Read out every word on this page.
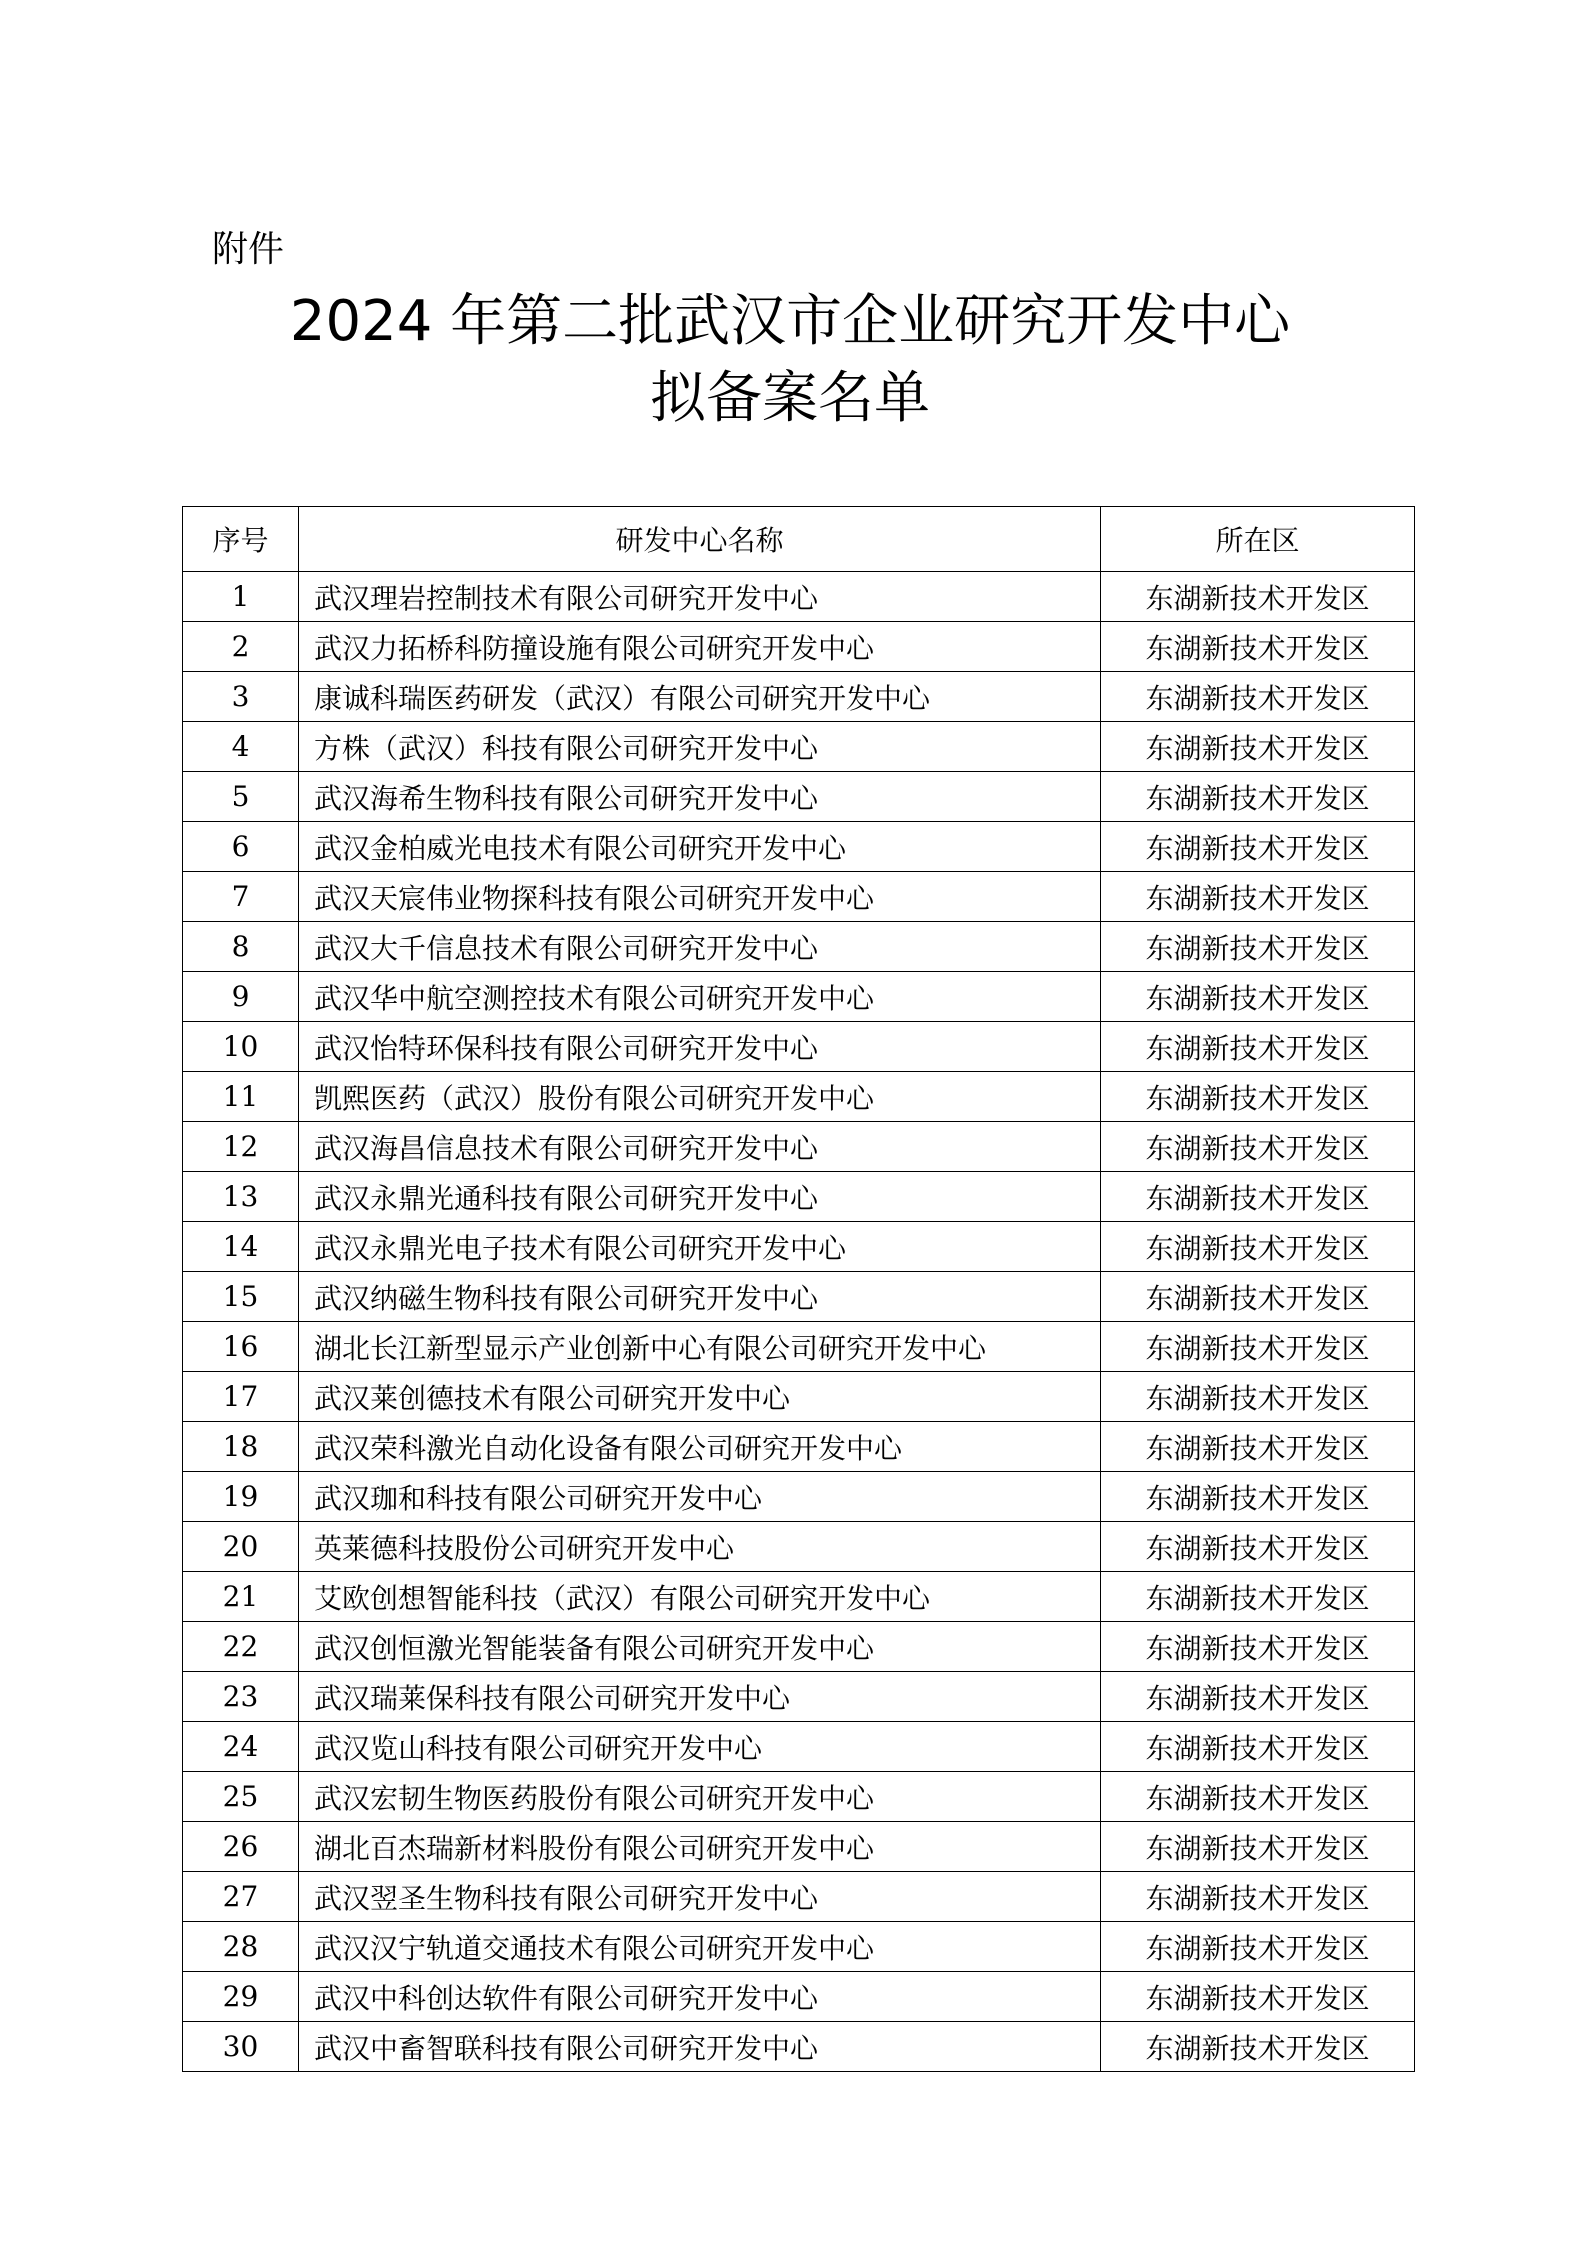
附件
2024 年第二批武汉市企业研究开发中心
拟备案名单
序号	研发中心名称	所在区
1	武汉理岩控制技术有限公司研究开发中心	东湖新技术开发区
2	武汉力拓桥科防撞设施有限公司研究开发中心	东湖新技术开发区
3	康诚科瑞医药研发（武汉）有限公司研究开发中心	东湖新技术开发区
4	方株（武汉）科技有限公司研究开发中心	东湖新技术开发区
5	武汉海希生物科技有限公司研究开发中心	东湖新技术开发区
6	武汉金柏威光电技术有限公司研究开发中心	东湖新技术开发区
7	武汉天宸伟业物探科技有限公司研究开发中心	东湖新技术开发区
8	武汉大千信息技术有限公司研究开发中心	东湖新技术开发区
9	武汉华中航空测控技术有限公司研究开发中心	东湖新技术开发区
10	武汉怡特环保科技有限公司研究开发中心	东湖新技术开发区
11	凯熙医药（武汉）股份有限公司研究开发中心	东湖新技术开发区
12	武汉海昌信息技术有限公司研究开发中心	东湖新技术开发区
13	武汉永鼎光通科技有限公司研究开发中心	东湖新技术开发区
14	武汉永鼎光电子技术有限公司研究开发中心	东湖新技术开发区
15	武汉纳磁生物科技有限公司研究开发中心	东湖新技术开发区
16	湖北长江新型显示产业创新中心有限公司研究开发中心	东湖新技术开发区
17	武汉莱创德技术有限公司研究开发中心	东湖新技术开发区
18	武汉荣科激光自动化设备有限公司研究开发中心	东湖新技术开发区
19	武汉珈和科技有限公司研究开发中心	东湖新技术开发区
20	英莱德科技股份公司研究开发中心	东湖新技术开发区
21	艾欧创想智能科技（武汉）有限公司研究开发中心	东湖新技术开发区
22	武汉创恒激光智能装备有限公司研究开发中心	东湖新技术开发区
23	武汉瑞莱保科技有限公司研究开发中心	东湖新技术开发区
24	武汉览山科技有限公司研究开发中心	东湖新技术开发区
25	武汉宏韧生物医药股份有限公司研究开发中心	东湖新技术开发区
26	湖北百杰瑞新材料股份有限公司研究开发中心	东湖新技术开发区
27	武汉翌圣生物科技有限公司研究开发中心	东湖新技术开发区
28	武汉汉宁轨道交通技术有限公司研究开发中心	东湖新技术开发区
29	武汉中科创达软件有限公司研究开发中心	东湖新技术开发区
30	武汉中畜智联科技有限公司研究开发中心	东湖新技术开发区
